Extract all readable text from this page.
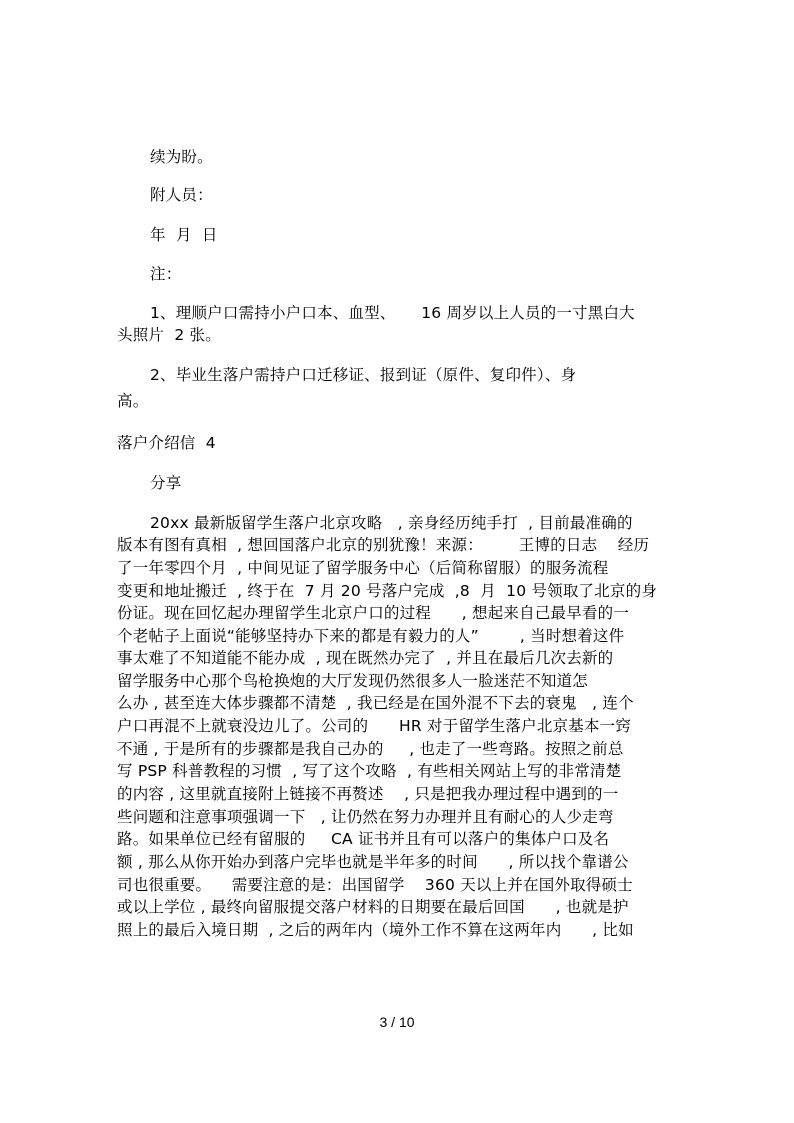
续为盼。
附人员：
年  月  日
注：
1、理顺户口需持小户口本、血型、     16 周岁以上人员的一寸黑白大
头照片  2 张。
2、毕业生落户需持户口迁移证、报到证（原件、复印件）、身
高。
落户介绍信  4
分享
20xx 最新版留学生落户北京攻略   , 亲身经历纯手打  , 目前最准确的
版本有图有真相  , 想回国落户北京的别犹豫！来源：       王博的日志    经历
了一年零四个月  , 中间见证了留学服务中心（后简称留服）的服务流程
变更和地址搬迁  , 终于在  7 月 20 号落户完成  ,8  月  10 号领取了北京的身
份证。现在回忆起办理留学生北京户口的过程      , 想起来自己最早看的一
个老帖子上面说“能够坚持办下来的都是有毅力的人”        , 当时想着这件
事太难了不知道能不能办成  , 现在既然办完了  , 并且在最后几次去新的
留学服务中心那个鸟枪换炮的大厅发现仍然很多人一脸迷茫不知道怎
么办 , 甚至连大体步骤都不清楚  , 我已经是在国外混不下去的衰鬼   , 连个
户口再混不上就衰没边儿了。公司的      HR 对于留学生落户北京基本一窍
不通 , 于是所有的步骤都是我自己办的     , 也走了一些弯路。按照之前总
写 PSP 科普教程的习惯  , 写了这个攻略  , 有些相关网站上写的非常清楚
的内容 , 这里就直接附上链接不再赘述    , 只是把我办理过程中遇到的一
些问题和注意事项强调一下   , 让仍然在努力办理并且有耐心的人少走弯
路。如果单位已经有留服的     CA 证书并且有可以落户的集体户口及名
额 , 那么从你开始办到落户完毕也就是半年多的时间      , 所以找个靠谱公
司也很重要。    需要注意的是：出国留学    360 天以上并在国外取得硕士
或以上学位 , 最终向留服提交落户材料的日期要在最后回国      , 也就是护
照上的最后入境日期  , 之后的两年内（境外工作不算在这两年内      , 比如
3 / 10
